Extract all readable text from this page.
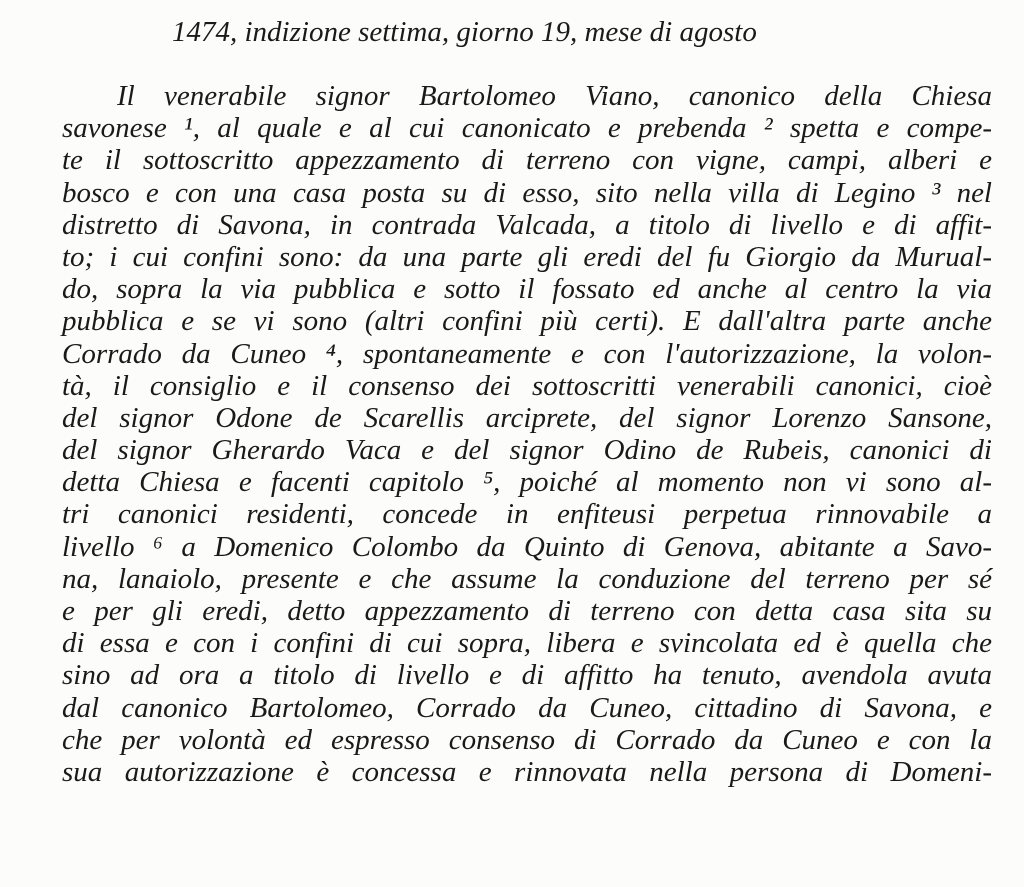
1474, indizione settima, giorno 19, mese di agosto
Il venerabile signor Bartolomeo Viano, canonico della Chiesa
savonese ¹, al quale e al cui canonicato e prebenda ² spetta e compe-
te il sottoscritto appezzamento di terreno con vigne, campi, alberi e
bosco e con una casa posta su di esso, sito nella villa di Legino ³ nel
distretto di Savona, in contrada Valcada, a titolo di livello e di affit-
to; i cui confini sono: da una parte gli eredi del fu Giorgio da Murual-
do, sopra la via pubblica e sotto il fossato ed anche al centro la via
pubblica e se vi sono (altri confini più certi). E dall'altra parte anche
Corrado da Cuneo ⁴, spontaneamente e con l'autorizzazione, la volon-
tà, il consiglio e il consenso dei sottoscritti venerabili canonici, cioè
del signor Odone de Scarellis arciprete, del signor Lorenzo Sansone,
del signor Gherardo Vaca e del signor Odino de Rubeis, canonici di
detta Chiesa e facenti capitolo ⁵, poiché al momento non vi sono al-
tri canonici residenti, concede in enfiteusi perpetua rinnovabile a
livello ⁶ a Domenico Colombo da Quinto di Genova, abitante a Savo-
na, lanaiolo, presente e che assume la conduzione del terreno per sé
e per gli eredi, detto appezzamento di terreno con detta casa sita su
di essa e con i confini di cui sopra, libera e svincolata ed è quella che
sino ad ora a titolo di livello e di affitto ha tenuto, avendola avuta
dal canonico Bartolomeo, Corrado da Cuneo, cittadino di Savona, e
che per volontà ed espresso consenso di Corrado da Cuneo e con la
sua autorizzazione è concessa e rinnovata nella persona di Domeni-
